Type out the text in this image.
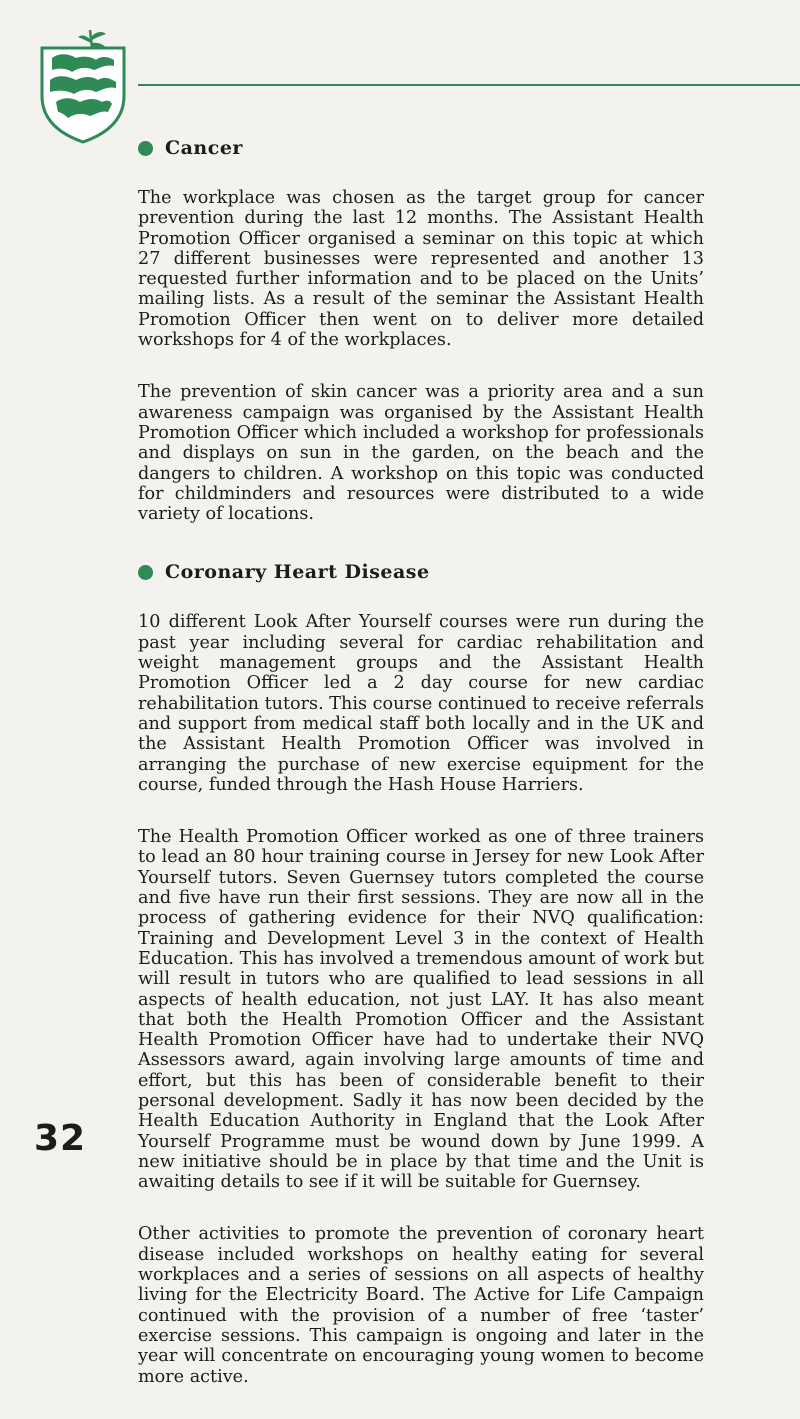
Cancer

The workplace was chosen as the target group for cancer prevention during the last 12 months. The Assistant Health Promotion Officer organised a seminar on this topic at which 27 different businesses were represented and another 13 requested further information and to be placed on the Units’ mailing lists. As a result of the seminar the Assistant Health Promotion Officer then went on to deliver more detailed workshops for 4 of the workplaces.

The prevention of skin cancer was a priority area and a sun awareness campaign was organised by the Assistant Health Promotion Officer which included a workshop for professionals and displays on sun in the garden, on the beach and the dangers to children. A workshop on this topic was conducted for childminders and resources were distributed to a wide variety of locations.

Coronary Heart Disease

10 different Look After Yourself courses were run during the past year including several for cardiac rehabilitation and weight management groups and the Assistant Health Promotion Officer led a 2 day course for new cardiac rehabilitation tutors. This course continued to receive referrals and support from medical staff both locally and in the UK and the Assistant Health Promotion Officer was involved in arranging the purchase of new exercise equipment for the course, funded through the Hash House Harriers.

The Health Promotion Officer worked as one of three trainers to lead an 80 hour training course in Jersey for new Look After Yourself tutors. Seven Guernsey tutors completed the course and five have run their first sessions. They are now all in the process of gathering evidence for their NVQ qualification: Training and Development Level 3 in the context of Health Education. This has involved a tremendous amount of work but will result in tutors who are qualified to lead sessions in all aspects of health education, not just LAY. It has also meant that both the Health Promotion Officer and the Assistant Health Promotion Officer have had to undertake their NVQ Assessors award, again involving large amounts of time and effort, but this has been of considerable benefit to their personal development. Sadly it has now been decided by the Health Education Authority in England that the Look After Yourself Programme must be wound down by June 1999. A new initiative should be in place by that time and the Unit is awaiting details to see if it will be suitable for Guernsey.

Other activities to promote the prevention of coronary heart disease included workshops on healthy eating for several workplaces and a series of sessions on all aspects of healthy living for the Electricity Board. The Active for Life Campaign continued with the provision of a number of free ‘taster’ exercise sessions. This campaign is ongoing and later in the year will concentrate on encouraging young women to become more active.

32
